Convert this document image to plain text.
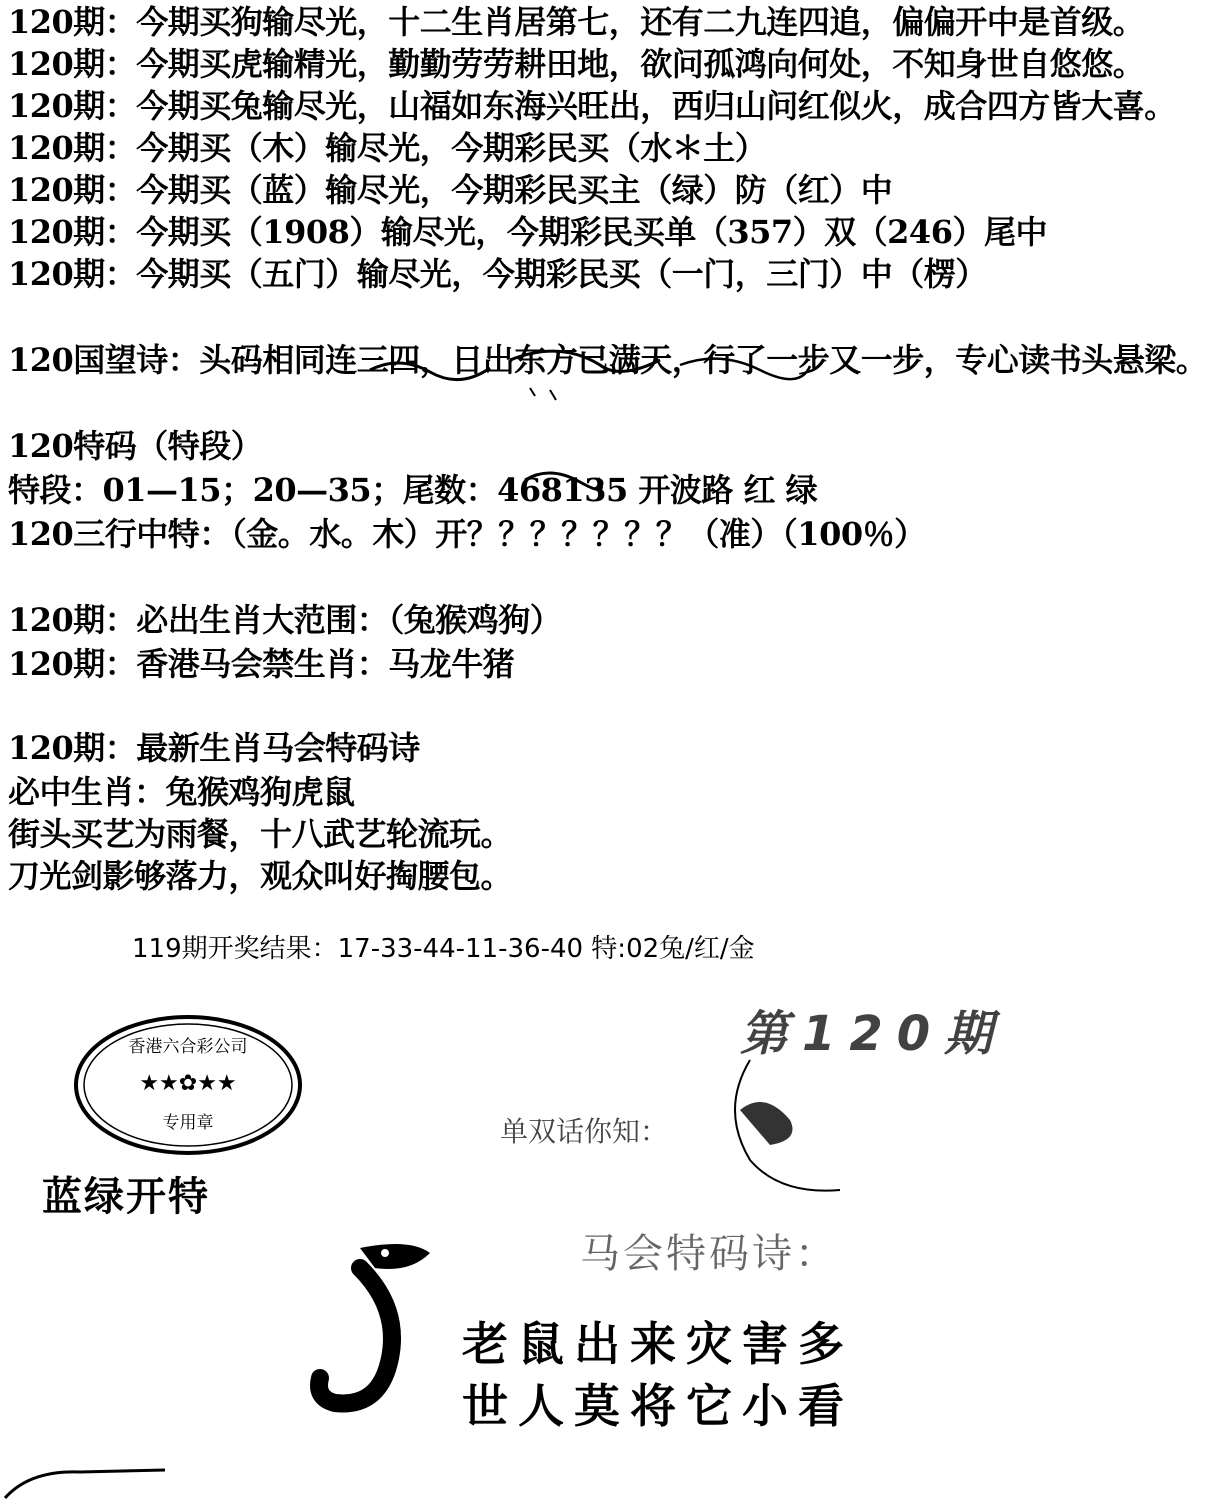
120期：今期买狗输尽光，十二生肖居第七，还有二九连四追，偏偏开中是首级。
120期：今期买虎输精光，勤勤劳劳耕田地，欲问孤鸿向何处，不知身世自悠悠。
120期：今期买兔输尽光，山福如东海兴旺出，西归山问红似火，成合四方皆大喜。
120期：今期买（木）输尽光，今期彩民买（水＊土）
120期：今期买（蓝）输尽光，今期彩民买主（绿）防（红）中
120期：今期买（1908）输尽光，今期彩民买单（357）双（246）尾中
120期：今期买（五门）输尽光，今期彩民买（一门，三门）中（楞）
120国望诗：头码相同连三四，日出东方已满天，行了一步又一步，专心读书头悬梁。
120特码（特段）
特段：01—15；20—35；尾数：468135 开波路 红 绿
120三行中特：（金。水。木）开？？？？？？？（准）（100％）
120期：必出生肖大范围：（兔猴鸡狗）
120期：香港马会禁生肖：马龙牛猪
120期：最新生肖马会特码诗
必中生肖：兔猴鸡狗虎鼠
街头买艺为雨餐，十八武艺轮流玩。
刀光剑影够落力，观众叫好掏腰包。
119期开奖结果：17-33-44-11-36-40 特:02兔/红/金
香港六合彩公司
★★✿★★
专用章
蓝绿开特
第120期
单双话你知：
马会特码诗：
老鼠出来灾害多
世人莫将它小看
